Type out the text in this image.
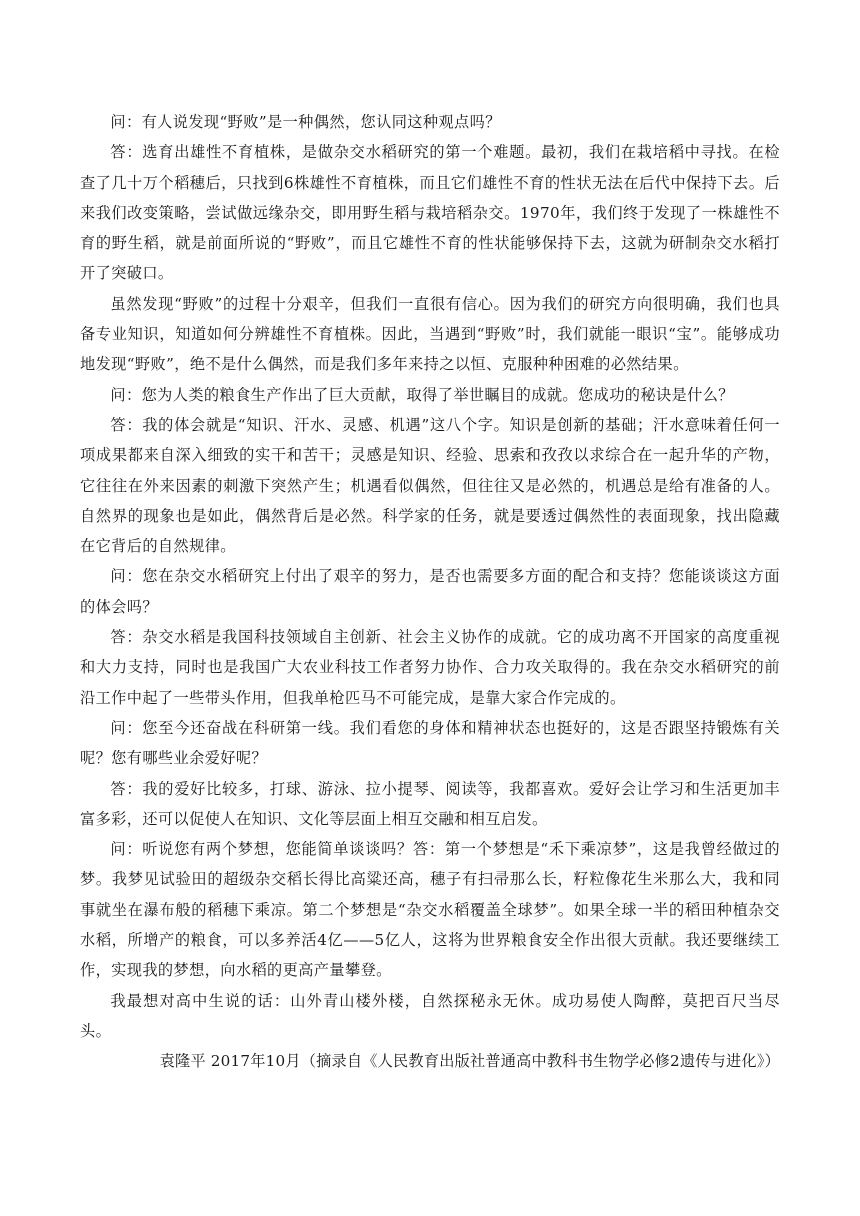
问：有人说发现“野败”是一种偶然，您认同这种观点吗？

答：选育出雄性不育植株，是做杂交水稻研究的第一个难题。最初，我们在栽培稻中寻找。在检查了几十万个稻穗后，只找到6株雄性不育植株，而且它们雄性不育的性状无法在后代中保持下去。后来我们改变策略，尝试做远缘杂交，即用野生稻与栽培稻杂交。1970年，我们终于发现了一株雄性不育的野生稻，就是前面所说的“野败”，而且它雄性不育的性状能够保持下去，这就为研制杂交水稻打开了突破口。

虽然发现“野败”的过程十分艰辛，但我们一直很有信心。因为我们的研究方向很明确，我们也具备专业知识，知道如何分辨雄性不育植株。因此，当遇到“野败”时，我们就能一眼识“宝”。能够成功地发现“野败”，绝不是什么偶然，而是我们多年来持之以恒、克服种种困难的必然结果。

问：您为人类的粮食生产作出了巨大贡献，取得了举世瞩目的成就。您成功的秘诀是什么？

答：我的体会就是“知识、汗水、灵感、机遇”这八个字。知识是创新的基础；汗水意味着任何一项成果都来自深入细致的实干和苦干；灵感是知识、经验、思索和孜孜以求综合在一起升华的产物，它往往在外来因素的刺激下突然产生；机遇看似偶然，但往往又是必然的，机遇总是给有准备的人。自然界的现象也是如此，偶然背后是必然。科学家的任务，就是要透过偶然性的表面现象，找出隐藏在它背后的自然规律。

问：您在杂交水稻研究上付出了艰辛的努力，是否也需要多方面的配合和支持？您能谈谈这方面的体会吗？

答：杂交水稻是我国科技领域自主创新、社会主义协作的成就。它的成功离不开国家的高度重视和大力支持，同时也是我国广大农业科技工作者努力协作、合力攻关取得的。我在杂交水稻研究的前沿工作中起了一些带头作用，但我单枪匹马不可能完成，是靠大家合作完成的。

问：您至今还奋战在科研第一线。我们看您的身体和精神状态也挺好的，这是否跟坚持锻炼有关呢？您有哪些业余爱好呢？

答：我的爱好比较多，打球、游泳、拉小提琴、阅读等，我都喜欢。爱好会让学习和生活更加丰富多彩，还可以促使人在知识、文化等层面上相互交融和相互启发。

问：听说您有两个梦想，您能简单谈谈吗？答：第一个梦想是“禾下乘凉梦”，这是我曾经做过的梦。我梦见试验田的超级杂交稻长得比高粱还高，穗子有扫帚那么长，籽粒像花生米那么大，我和同事就坐在瀑布般的稻穗下乘凉。第二个梦想是“杂交水稻覆盖全球梦”。如果全球一半的稻田种植杂交水稻，所增产的粮食，可以多养活4亿——5亿人，这将为世界粮食安全作出很大贡献。我还要继续工作，实现我的梦想，向水稻的更高产量攀登。

我最想对高中生说的话：山外青山楼外楼，自然探秘永无休。成功易使人陶醉，莫把百尺当尽头。

袁隆平 2017年10月（摘录自《人民教育出版社普通高中教科书生物学必修2遗传与进化》）
